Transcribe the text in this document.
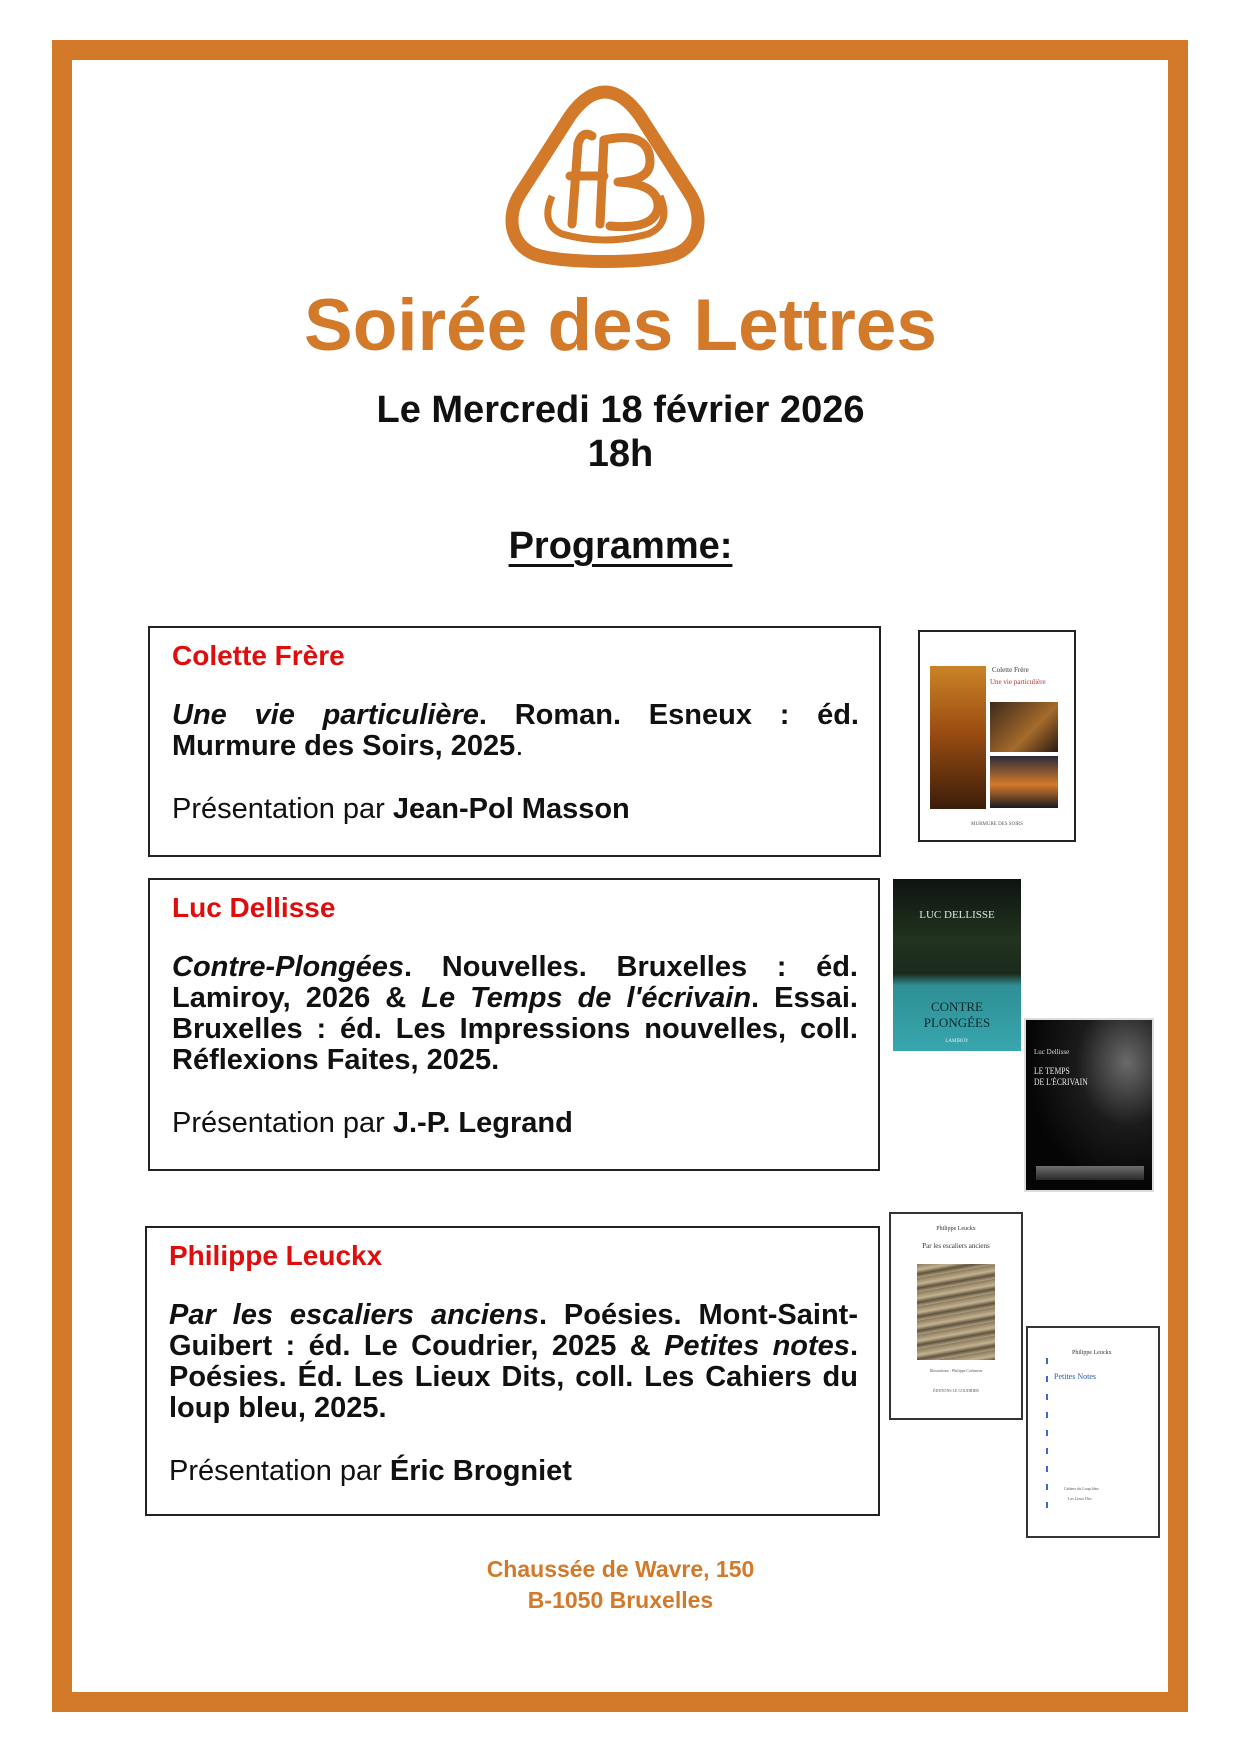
Soirée des Lettres
Le Mercredi 18 février 2026
18h
Programme:

Colette Frère

Une vie particulière. Roman. Esneux : éd. Murmure des Soirs, 2025.

Présentation par Jean-Pol Masson

Luc Dellisse

Contre-Plongées. Nouvelles. Bruxelles : éd. Lamiroy, 2026 & Le Temps de l'écrivain. Essai. Bruxelles : éd. Les Impressions nouvelles, coll. Réflexions Faites, 2025.

Présentation par J.-P. Legrand

Philippe Leuckx

Par les escaliers anciens. Poésies. Mont-Saint-Guibert : éd. Le Coudrier, 2025 & Petites notes. Poésies. Éd. Les Lieux Dits, coll. Les Cahiers du loup bleu, 2025.

Présentation par Éric Brogniet

Colette Frère
Une vie particulière
MURMURE DES SOIRS
LUC DELLISSE
CONTRE
PLONGÉES
LAMIROY
Luc Dellisse
LE TEMPS
DE L'ÉCRIVAIN
Philippe Leuckx
Par les escaliers anciens
Illustrations : Philippe Coëtmeur
ÉDITIONS LE COUDRIER
Philippe Leuckx
Petites Notes
Cahiers du Loup bleu
Les Lieux Dits
Chaussée de Wavre, 150
B-1050 Bruxelles
